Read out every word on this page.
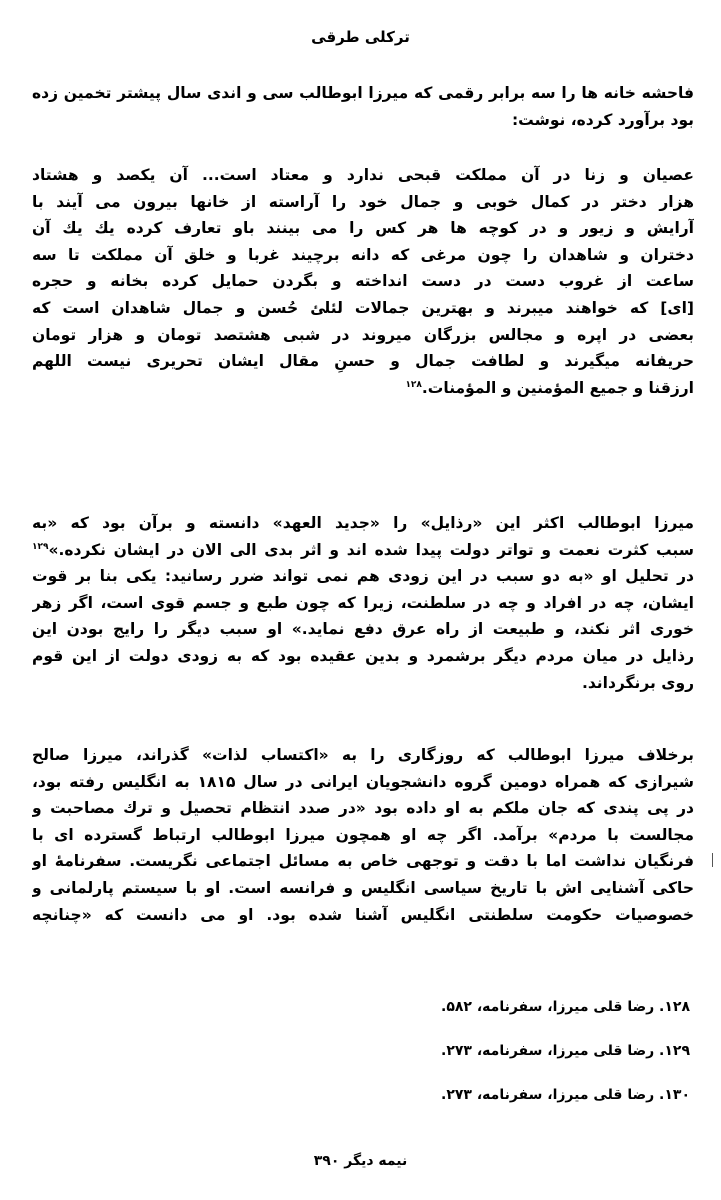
ترکلی طرقی
فاحشه خانه ها را سه برابر رقمی که میرزا ابوطالب سی و اندی سال پیشتر تخمین زده
بود برآورد کرده، نوشت:
عصیان و زنا در آن مملکت قبحی ندارد و معتاد است... آن یکصد و هشتاد
هزار دختر در کمال خوبی و جمال خود را آراسته از خانها بیرون می آیند با
آرایش و زیور و در کوچه ها هر کس را می بینند باو تعارف کرده یك یك آن
دختران و شاهدان را چون مرغی که دانه برچیند غربا و خلق آن مملکت تا سه
ساعت از غروب دست در دست انداخته و بگردن حمایل کرده بخانه و حجره
[ای] که خواهند میبرند و بهترین جمالات لئلئ حُسن و جمال شاهدان است که
بعضی در اپره و مجالس بزرگان میروند در شبی هشتصد تومان و هزار تومان
حریفانه میگیرند و لطافت جمال و حسنِ مقال ایشان تحریری نیست اللهم
ارزقنا و جمیع المؤمنین و المؤمنات.$^{۱۲۸}$
میرزا ابوطالب اکثر این «رذایل» را «جدید العهد» دانسته و برآن بود که «به
سبب کثرت نعمت و تواتر دولت پیدا شده اند و اثر بدی الی الان در ایشان نکرده.»$^{۱۲۹}$
در تحلیل او «به دو سبب در این زودی هم نمی تواند ضرر رسانید: یکی بنا بر قوت
ایشان، چه در افراد و چه در سلطنت، زیرا که چون طبع و جسم قوی است، اگر زهر
خوری اثر نکند، و طبیعت از راه عرق دفع نماید.» او سبب دیگر را رایج بودن این
رذایل در میان مردم دیگر برشمرد و بدین عقیده بود که به زودی دولت از این قوم
روی برنگرداند.
برخلاف میرزا ابوطالب که روزگاری را به «اکتساب لذات» گذراند، میرزا صالح
شیرازی که همراه دومین گروه دانشجویان ایرانی در سال ۱۸۱۵ به انگلیس رفته بود،
در پی پندی که جان ملکم به او داده بود «در صدد انتظام تحصیل و ترك مصاحبت و
مجالست با مردم» برآمد. اگر چه او همچون میرزا ابوطالب ارتباط گسترده ای با
فرنگیان نداشت اما با دقت و توجهی خاص به مسائل اجتماعی نگریست. سفرنامهٔ او
حاکی آشنایی اش با تاریخ سیاسی انگلیس و فرانسه است. او با سیستم پارلمانی و
خصوصیات حکومت سلطنتی انگلیس آشنا شده بود. او می دانست که «چنانچه
۱۲۸. رضا قلی میرزا، سفرنامه، ۵۸۲.
۱۲۹. رضا قلی میرزا، سفرنامه، ۲۷۳.
۱۳۰. رضا قلی میرزا، سفرنامه، ۲۷۳.
نیمه دیگر ۳۹۰
